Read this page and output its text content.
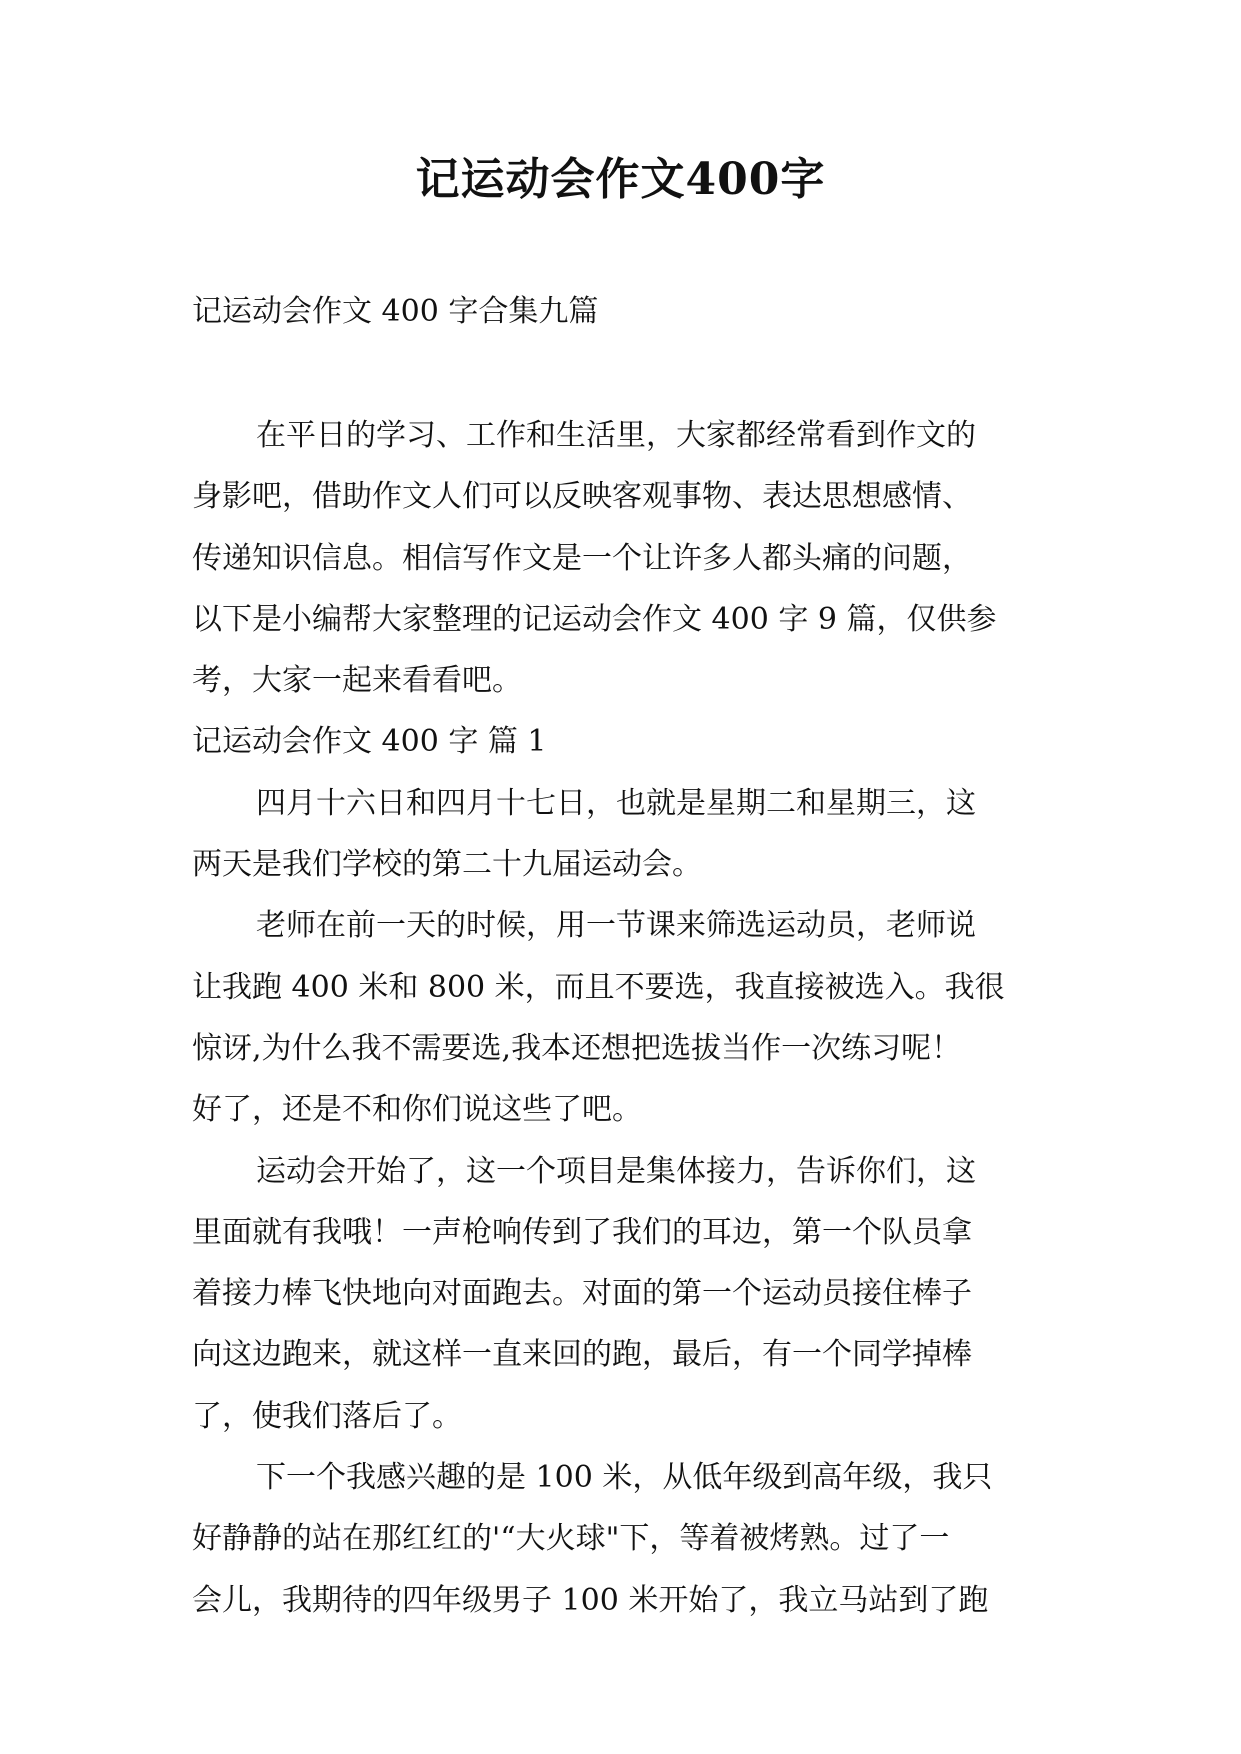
记运动会作文400字
记运动会作文 400 字合集九篇
在平日的学习、工作和生活里，大家都经常看到作文的
身影吧，借助作文人们可以反映客观事物、表达思想感情、
传递知识信息。相信写作文是一个让许多人都头痛的问题，
以下是小编帮大家整理的记运动会作文 400 字 9 篇，仅供参
考，大家一起来看看吧。
记运动会作文 400 字 篇 1
四月十六日和四月十七日，也就是星期二和星期三，这
两天是我们学校的第二十九届运动会。
老师在前一天的时候，用一节课来筛选运动员，老师说
让我跑 400 米和 800 米，而且不要选，我直接被选入。我很
惊讶,为什么我不需要选,我本还想把选拔当作一次练习呢！
好了，还是不和你们说这些了吧。
运动会开始了，这一个项目是集体接力，告诉你们，这
里面就有我哦！一声枪响传到了我们的耳边，第一个队员拿
着接力棒飞快地向对面跑去。对面的第一个运动员接住棒子
向这边跑来，就这样一直来回的跑，最后，有一个同学掉棒
了，使我们落后了。
下一个我感兴趣的是 100 米，从低年级到高年级，我只
好静静的站在那红红的'“大火球"下，等着被烤熟。过了一
会儿，我期待的四年级男子 100 米开始了，我立马站到了跑
